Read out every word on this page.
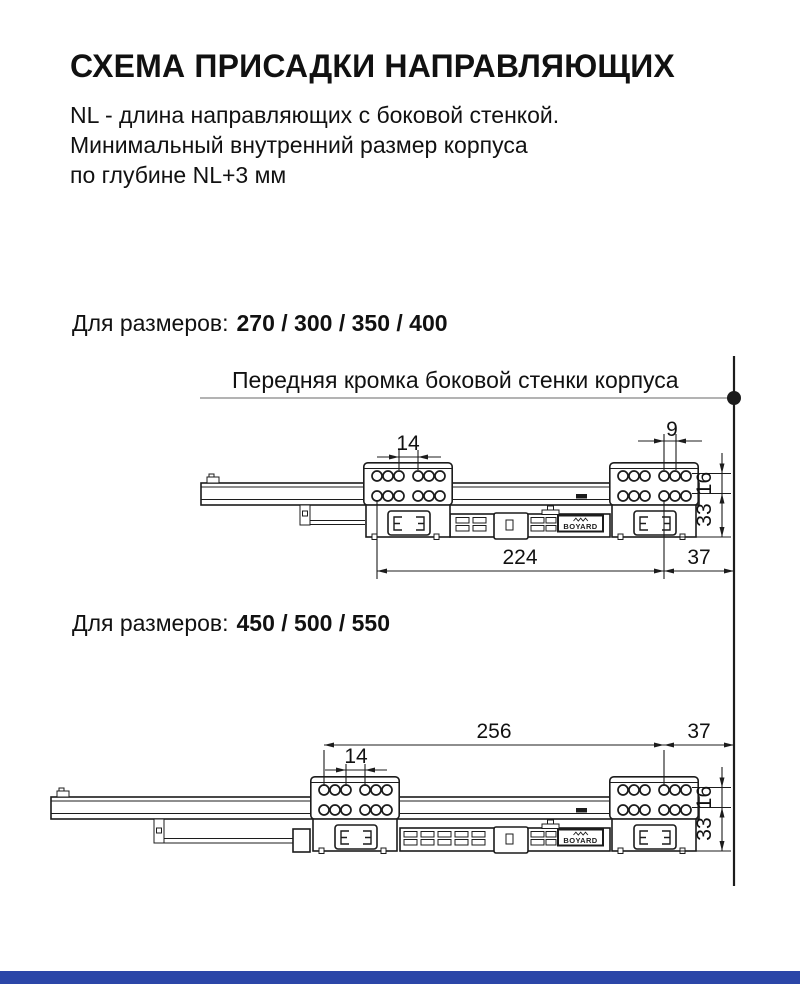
СХЕМА ПРИСАДКИ НАПРАВЛЯЮЩИХ

NL - длина направляющих с боковой стенкой.

Минимальный внутренний размер корпуса

по глубине NL+3 мм

Для размеров: 270 / 300 / 350 / 400
Передняя кромка боковой стенки корпуса
Для размеров: 450 / 500 / 550
BOYARD
14
9
16
33
224	37
BOYARD
256	37
14
16
33
